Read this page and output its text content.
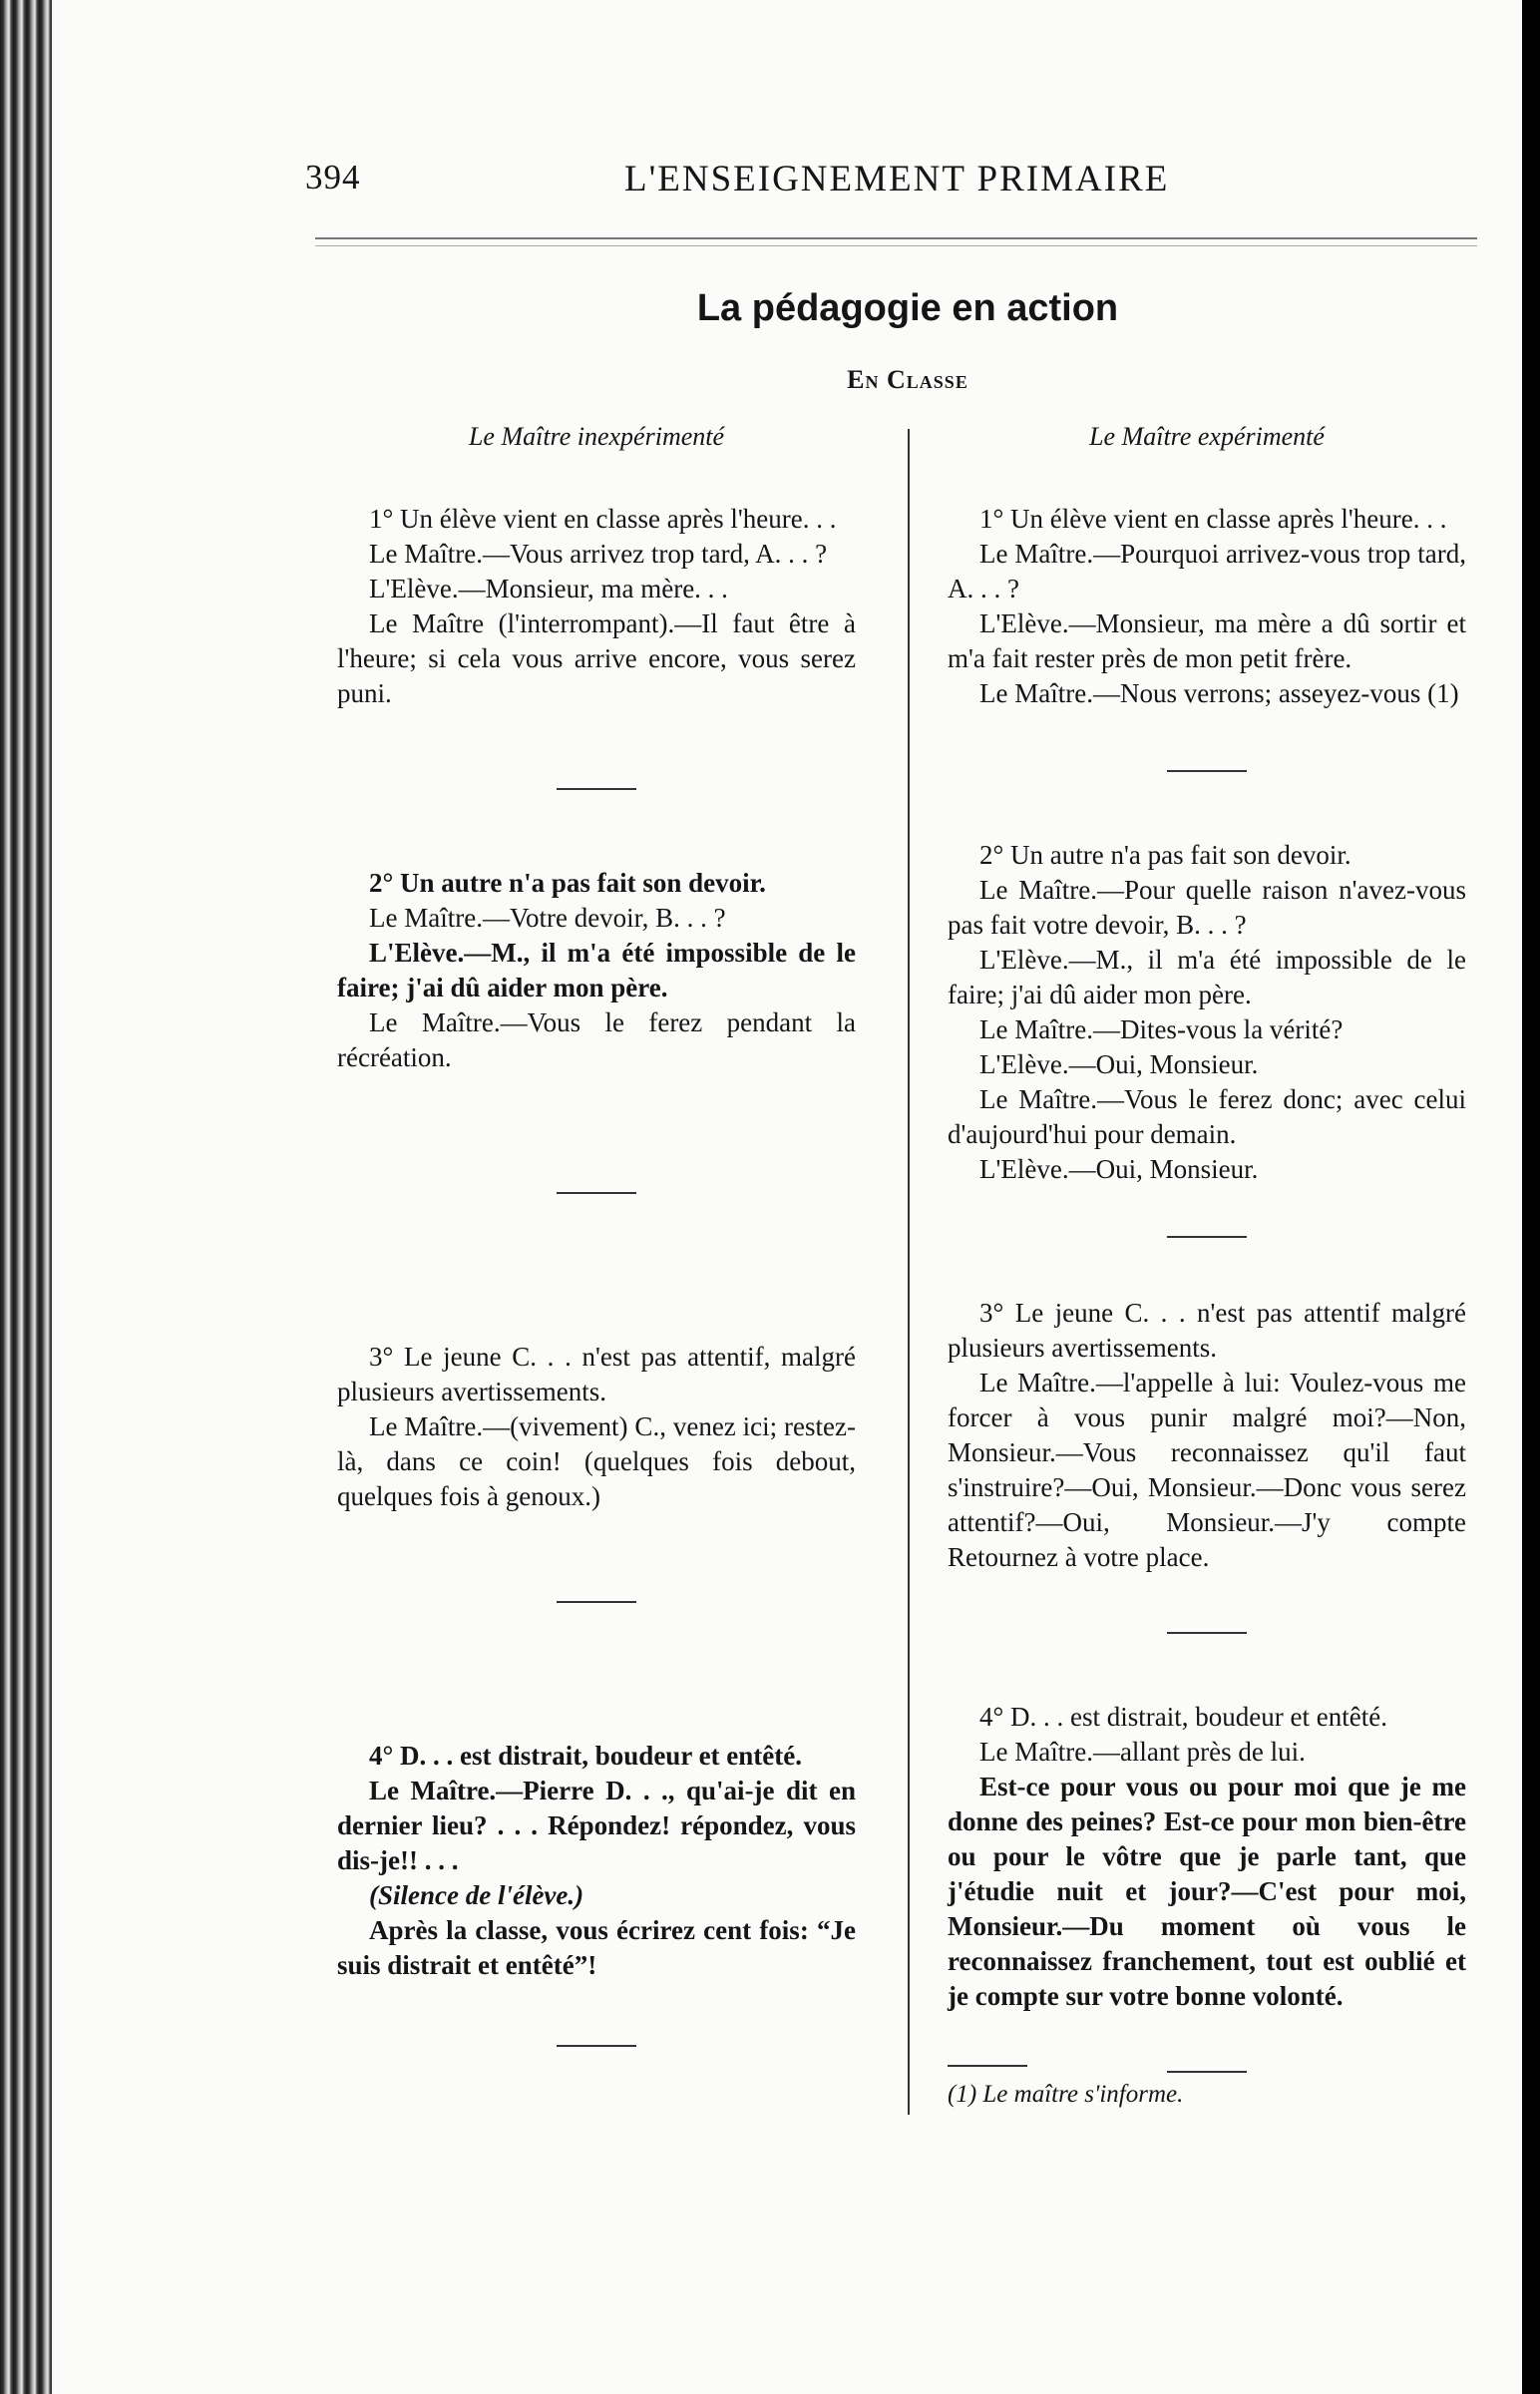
394	L'ENSEIGNEMENT PRIMAIRE
La pédagogie en action
En Classe
Le Maître inexpérimenté

1° Un élève vient en classe après l'heure. . .

Le Maître.—Vous arrivez trop tard, A. . . ?

L'Elève.—Monsieur, ma mère. . .

Le Maître (l'interrompant).—Il faut être à l'heure; si cela vous arrive encore, vous serez puni.

2° Un autre n'a pas fait son devoir.

Le Maître.—Votre devoir, B. . . ?

L'Elève.—M., il m'a été impossible de le faire; j'ai dû aider mon père.

Le Maître.—Vous le ferez pendant la récréation.

3° Le jeune C. . . n'est pas attentif, malgré plusieurs avertissements.

Le Maître.—(vivement) C., venez ici; restez-là, dans ce coin! (quelques fois debout, quelques fois à genoux.)

4° D. . . est distrait, boudeur et entêté.

Le Maître.—Pierre D. . ., qu'ai-je dit en dernier lieu? . . . Répondez! répondez, vous dis-je!! . . .

(Silence de l'élève.)

Après la classe, vous écrirez cent fois: “Je suis distrait et entêté”!

Le Maître expérimenté

1° Un élève vient en classe après l'heure. . .

Le Maître.—Pourquoi arrivez-vous trop tard, A. . . ?

L'Elève.—Monsieur, ma mère a dû sortir et m'a fait rester près de mon petit frère.

Le Maître.—Nous verrons; asseyez-vous (1)

2° Un autre n'a pas fait son devoir.

Le Maître.—Pour quelle raison n'avez-vous pas fait votre devoir, B. . . ?

L'Elève.—M., il m'a été impossible de le faire; j'ai dû aider mon père.

Le Maître.—Dites-vous la vérité?

L'Elève.—Oui, Monsieur.

Le Maître.—Vous le ferez donc; avec celui d'aujourd'hui pour demain.

L'Elève.—Oui, Monsieur.

3° Le jeune C. . . n'est pas attentif malgré plusieurs avertissements.

Le Maître.—l'appelle à lui: Voulez-vous me forcer à vous punir malgré moi?—Non, Monsieur.—Vous reconnaissez qu'il faut s'instruire?—Oui, Monsieur.—Donc vous serez attentif?—Oui, Monsieur.—J'y compte Retournez à votre place.

4° D. . . est distrait, boudeur et entêté.

Le Maître.—allant près de lui.

Est-ce pour vous ou pour moi que je me donne des peines? Est-ce pour mon bien-être ou pour le vôtre que je parle tant, que j'étudie nuit et jour?—C'est pour moi, Monsieur.—Du moment où vous le reconnaissez franchement, tout est oublié et je compte sur votre bonne volonté.

(1) Le maître s'informe.
